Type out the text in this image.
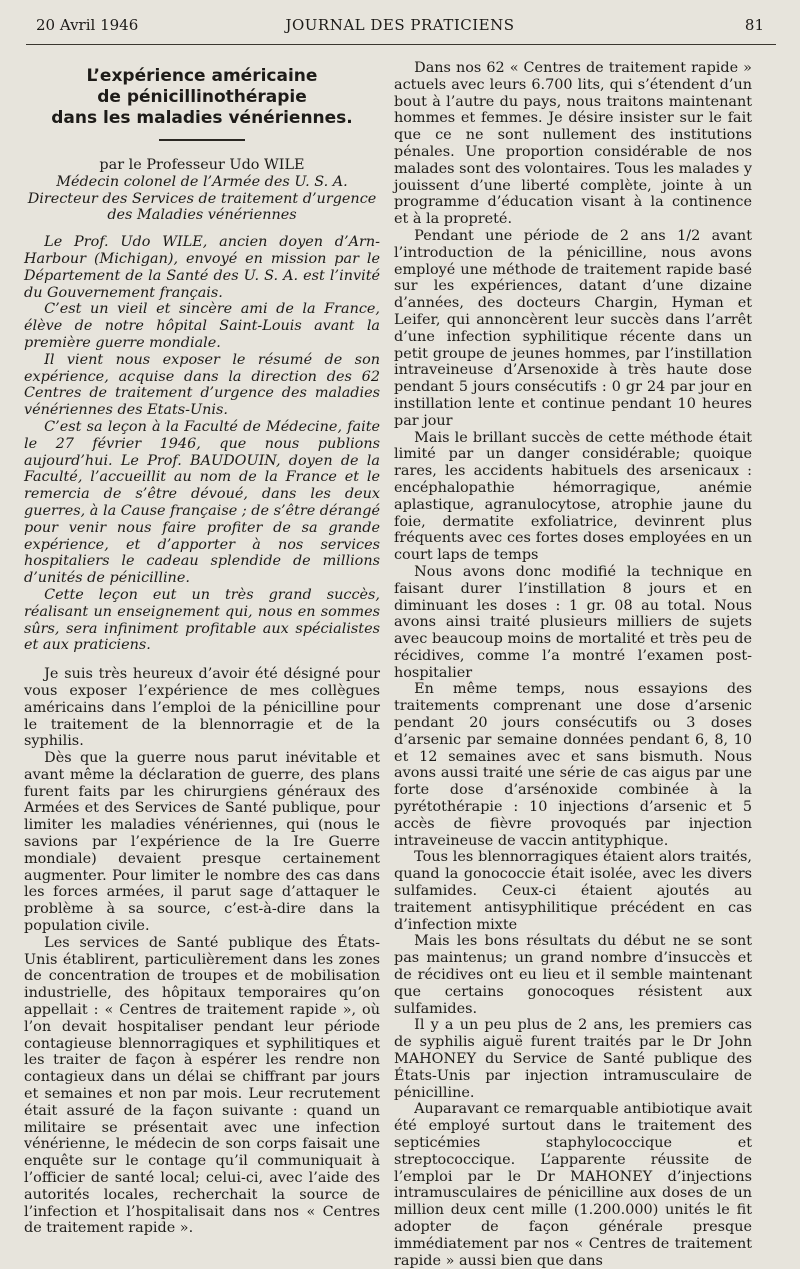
20 Avril 1946	JOURNAL DES PRATICIENS	81
L’expérience américaine
de pénicillinothérapie
dans les maladies vénériennes.
par le Professeur Udo WILE
Médecin colonel de l’Armée des U. S. A.
Directeur des Services de traitement d’urgence des Maladies vénériennes

Le Prof. Udo WILE, ancien doyen d’Arn-Harbour (Michigan), envoyé en mission par le Département de la Santé des U. S. A. est l’invité du Gouvernement français.

C’est un vieil et sincère ami de la France, élève de notre hôpital Saint-Louis avant la première guerre mondiale.

Il vient nous exposer le résumé de son expérience, acquise dans la direction des 62 Centres de traitement d’urgence des maladies vénériennes des Etats-Unis.

C’est sa leçon à la Faculté de Médecine, faite le 27 février 1946, que nous publions aujourd’hui. Le Prof. BAUDOUIN, doyen de la Faculté, l’accueillit au nom de la France et le remercia de s’être dévoué, dans les deux guerres, à la Cause française ; de s’être dérangé pour venir nous faire profiter de sa grande expérience, et d’apporter à nos services hospitaliers le cadeau splendide de millions d’unités de pénicilline.

Cette leçon eut un très grand succès, réalisant un enseignement qui, nous en sommes sûrs, sera infiniment profitable aux spécialistes et aux praticiens.

Je suis très heureux d’avoir été désigné pour vous exposer l’expérience de mes collègues américains dans l’emploi de la pénicilline pour le traitement de la blennorragie et de la syphilis.

Dès que la guerre nous parut inévitable et avant même la déclaration de guerre, des plans furent faits par les chirurgiens généraux des Armées et des Services de Santé publique, pour limiter les maladies vénériennes, qui (nous le savions par l’expérience de la Ire Guerre mondiale) devaient presque certainement augmenter. Pour limiter le nombre des cas dans les forces armées, il parut sage d’attaquer le problème à sa source, c’est-à-dire dans la population civile.

Les services de Santé publique des États-Unis établirent, particulièrement dans les zones de concentration de troupes et de mobilisation industrielle, des hôpitaux temporaires qu’on appellait : « Centres de traitement rapide », où l’on devait hospitaliser pendant leur période contagieuse blennorragiques et syphilitiques et les traiter de façon à espérer les rendre non contagieux dans un délai se chiffrant par jours et semaines et non par mois. Leur recrutement était assuré de la façon suivante : quand un militaire se présentait avec une infection vénérienne, le médecin de son corps faisait une enquête sur le contage qu’il communiquait à l’officier de santé local; celui-ci, avec l’aide des autorités locales, recherchait la source de l’infection et l’hospitalisait dans nos « Centres de traitement rapide ».

Dans nos 62 « Centres de traitement rapide » actuels avec leurs 6.700 lits, qui s’étendent d’un bout à l’autre du pays, nous traitons maintenant hommes et femmes. Je désire insister sur le fait que ce ne sont nullement des institutions pénales. Une proportion considérable de nos malades sont des volontaires. Tous les malades y jouissent d’une liberté complète, jointe à un programme d’éducation visant à la continence et à la propreté.

Pendant une période de 2 ans 1/2 avant l’introduction de la pénicilline, nous avons employé une méthode de traitement rapide basé sur les expériences, datant d’une dizaine d’années, des docteurs Chargin, Hyman et Leifer, qui annoncèrent leur succès dans l’arrêt d’une infection syphilitique récente dans un petit groupe de jeunes hommes, par l’instillation intraveineuse d’Arsenoxide à très haute dose pendant 5 jours consécutifs : 0 gr 24 par jour en instillation lente et continue pendant 10 heures par jour

Mais le brillant succès de cette méthode était limité par un danger considérable; quoique rares, les accidents habituels des arsenicaux : encéphalopathie hémorragique, anémie aplastique, agranulocytose, atrophie jaune du foie, dermatite exfoliatrice, devinrent plus fréquents avec ces fortes doses employées en un court laps de temps

Nous avons donc modifié la technique en faisant durer l’instillation 8 jours et en diminuant les doses : 1 gr. 08 au total. Nous avons ainsi traité plusieurs milliers de sujets avec beaucoup moins de mortalité et très peu de récidives, comme l’a montré l’examen post-hospitalier

En même temps, nous essayions des traitements comprenant une dose d’arsenic pendant 20 jours consécutifs ou 3 doses d’arsenic par semaine données pendant 6, 8, 10 et 12 semaines avec et sans bismuth. Nous avons aussi traité une série de cas aigus par une forte dose d’arsénoxide combinée à la pyrétothérapie : 10 injections d’arsenic et 5 accès de fièvre provoqués par injection intraveineuse de vaccin antityphique.

Tous les blennorragiques étaient alors traités, quand la gonococcie était isolée, avec les divers sulfamides. Ceux-ci étaient ajoutés au traitement antisyphilitique précédent en cas d’infection mixte

Mais les bons résultats du début ne se sont pas maintenus; un grand nombre d’insuccès et de récidives ont eu lieu et il semble maintenant que certains gonocoques résistent aux sulfamides.

Il y a un peu plus de 2 ans, les premiers cas de syphilis aiguë furent traités par le Dr John MAHONEY du Service de Santé publique des États-Unis par injection intramusculaire de pénicilline.

Auparavant ce remarquable antibiotique avait été employé surtout dans le traitement des septicémies staphylococcique et streptococcique. L’apparente réussite de l’emploi par le Dr MAHONEY d’injections intramusculaires de pénicilline aux doses de un million deux cent mille (1.200.000) unités le fit adopter de façon générale presque immédiatement par nos « Centres de traitement rapide » aussi bien que dans
